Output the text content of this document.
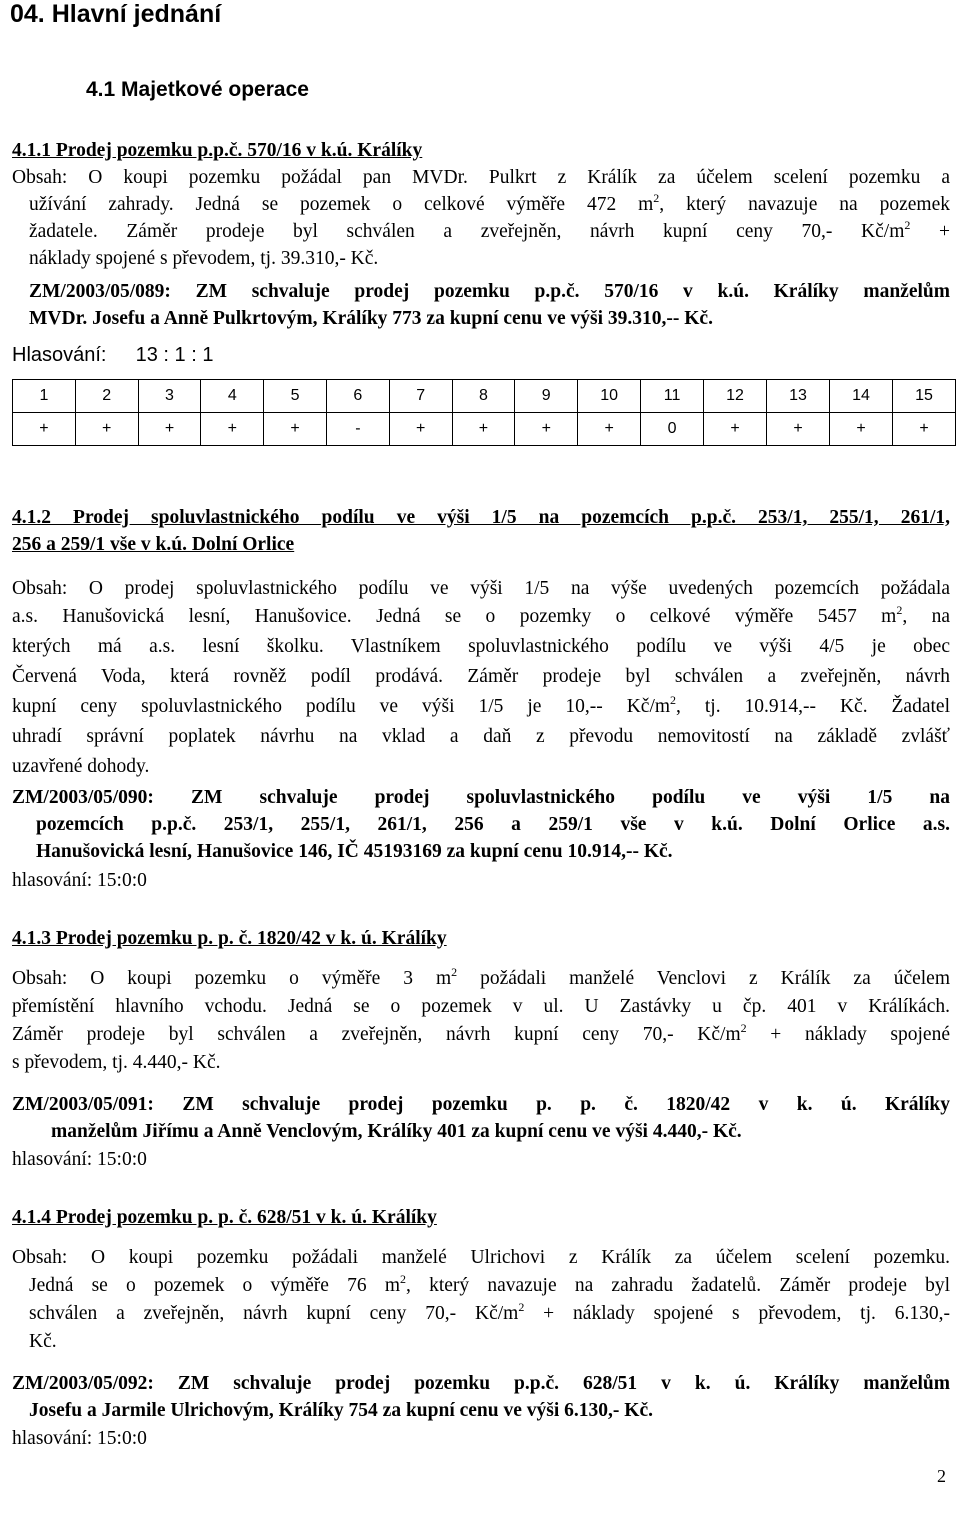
04. Hlavní jednání
4.1 Majetkové operace
4.1.1 Prodej pozemku p.p.č. 570/16 v k.ú. Králíky
Obsah: O koupi pozemku požádal pan MVDr. Pulkrt z Králík za účelem scelení pozemku a
užívání zahrady. Jedná se pozemek o celkové výměře 472 $m^2$, který navazuje na pozemek
žadatele. Záměr prodeje byl schválen a zveřejněn, návrh kupní ceny 70,- $Kč/m^2$ +
náklady spojené s převodem, tj. 39.310,- Kč.
ZM/2003/05/089: ZM schvaluje prodej pozemku p.p.č. 570/16 v k.ú. Králíky manželům
MVDr. Josefu a Anně Pulkrtovým, Králíky 773 za kupní cenu ve výši 39.310,-- Kč.
Hlasování: 13 : 1 : 1
1	2	3	4	5	6	7	8	9	10	11	12	13	14	15
+	+	+	+	+	-	+	+	+	+	0	+	+	+	+
4.1.2 Prodej spoluvlastnického podílu ve výši 1/5 na pozemcích p.p.č. 253/1, 255/1, 261/1,
256 a 259/1 vše v k.ú. Dolní Orlice
Obsah: O prodej spoluvlastnického podílu ve výši 1/5 na výše uvedených pozemcích požádala
a.s. Hanušovická lesní, Hanušovice. Jedná se o pozemky o celkové výměře 5457 $m^2$, na
kterých má a.s. lesní školku. Vlastníkem spoluvlastnického podílu ve výši 4/5 je obec
Červená Voda, která rovněž podíl prodává. Záměr prodeje byl schválen a zveřejněn, návrh
kupní ceny spoluvlastnického podílu ve výši 1/5 je 10,-- $Kč/m^2$, tj. 10.914,-- Kč. Žadatel
uhradí správní poplatek návrhu na vklad a daň z převodu nemovitostí na základě zvlášť
uzavřené dohody.
ZM/2003/05/090: ZM schvaluje prodej spoluvlastnického podílu ve výši 1/5 na
pozemcích p.p.č. 253/1, 255/1, 261/1, 256 a 259/1 vše v k.ú. Dolní Orlice a.s.
Hanušovická lesní, Hanušovice 146, IČ 45193169 za kupní cenu 10.914,-- Kč.
hlasování: 15:0:0
4.1.3 Prodej pozemku p. p. č. 1820/42 v k. ú. Králíky
Obsah: O koupi pozemku o výměře 3 $m^2$ požádali manželé Venclovi z Králík za účelem
přemístění hlavního vchodu. Jedná se o pozemek v ul. U Zastávky u čp. 401 v Králíkách.
Záměr prodeje byl schválen a zveřejněn, návrh kupní ceny 70,- $Kč/m^2$ + náklady spojené
s převodem, tj. 4.440,- Kč.
ZM/2003/05/091: ZM schvaluje prodej pozemku p. p. č. 1820/42 v k. ú. Králíky
manželům Jiřímu a Anně Venclovým, Králíky 401 za kupní cenu ve výši 4.440,- Kč.
hlasování: 15:0:0
4.1.4 Prodej pozemku p. p. č. 628/51 v k. ú. Králíky
Obsah: O koupi pozemku požádali manželé Ulrichovi z Králík za účelem scelení pozemku.
Jedná se o pozemek o výměře 76 $m^2$, který navazuje na zahradu žadatelů. Záměr prodeje byl
schválen a zveřejněn, návrh kupní ceny 70,- $Kč/m^2$ + náklady spojené s převodem, tj. 6.130,-
Kč.
ZM/2003/05/092: ZM schvaluje prodej pozemku p.p.č. 628/51 v k. ú. Králíky manželům
Josefu a Jarmile Ulrichovým, Králíky 754 za kupní cenu ve výši 6.130,- Kč.
hlasování: 15:0:0
2
